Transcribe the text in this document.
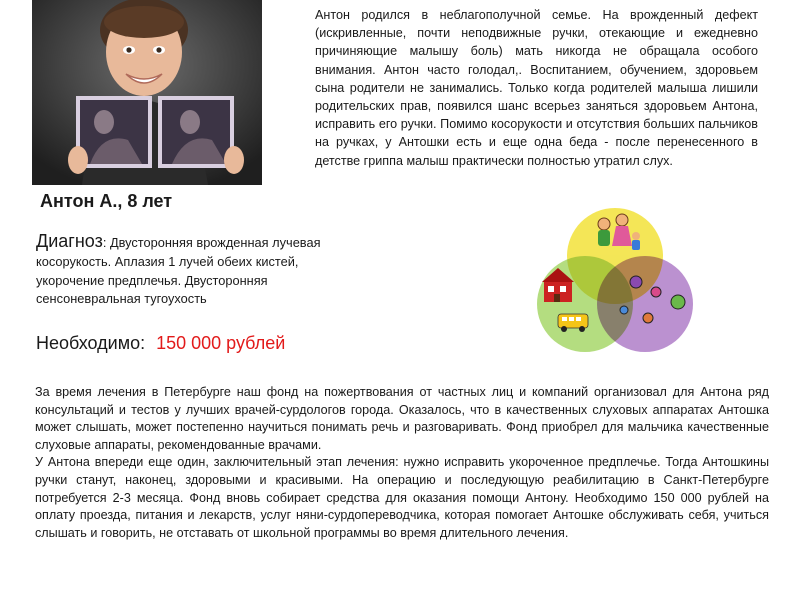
Антон А., 8 лет
Антон родился в неблагополучной семье. На врожденный дефект (искривленные, почти неподвижные ручки, отекающие и ежедневно причиняющие малышу боль) мать никогда не обращала особого внимания. Антон часто голодал,. Воспитанием, обучением, здоровьем сына родители не занимались. Только когда родителей малыша лишили родительских прав, появился шанс всерьез заняться здоровьем Антона, исправить его ручки. Помимо косорукости и отсутствия больших пальчиков на ручках, у Антошки есть и еще одна беда - после перенесенного в детстве гриппа малыш практически полностью утратил слух.
Диагноз: Двусторонняя врожденная лучевая косорукость. Аплазия 1 лучей обеих кистей, укорочение предплечья. Двусторонняя сенсоневральная тугоухость
Необходимо: 150 000 рублей

За время лечения в Петербурге наш фонд на пожертвования от частных лиц и компаний организовал для Антона ряд консультаций и тестов у лучших врачей-сурдологов города. Оказалось, что в качественных слуховых аппаратах Антошка может слышать, может постепенно научиться понимать речь и разговаривать. Фонд приобрел для мальчика качественные слуховые аппараты, рекомендованные врачами.

У Антона впереди еще один, заключительный этап лечения: нужно исправить укороченное предплечье. Тогда Антошкины ручки станут, наконец, здоровыми и красивыми. На операцию и последующую реабилитацию в Санкт-Петербурге потребуется 2-3 месяца. Фонд вновь собирает средства для оказания помощи Антону. Необходимо 150 000 рублей на оплату проезда, питания и лекарств, услуг няни-сурдопереводчика, которая помогает Антошке обслуживать себя, учиться слышать и говорить, не отставать от школьной программы во время длительного лечения.
